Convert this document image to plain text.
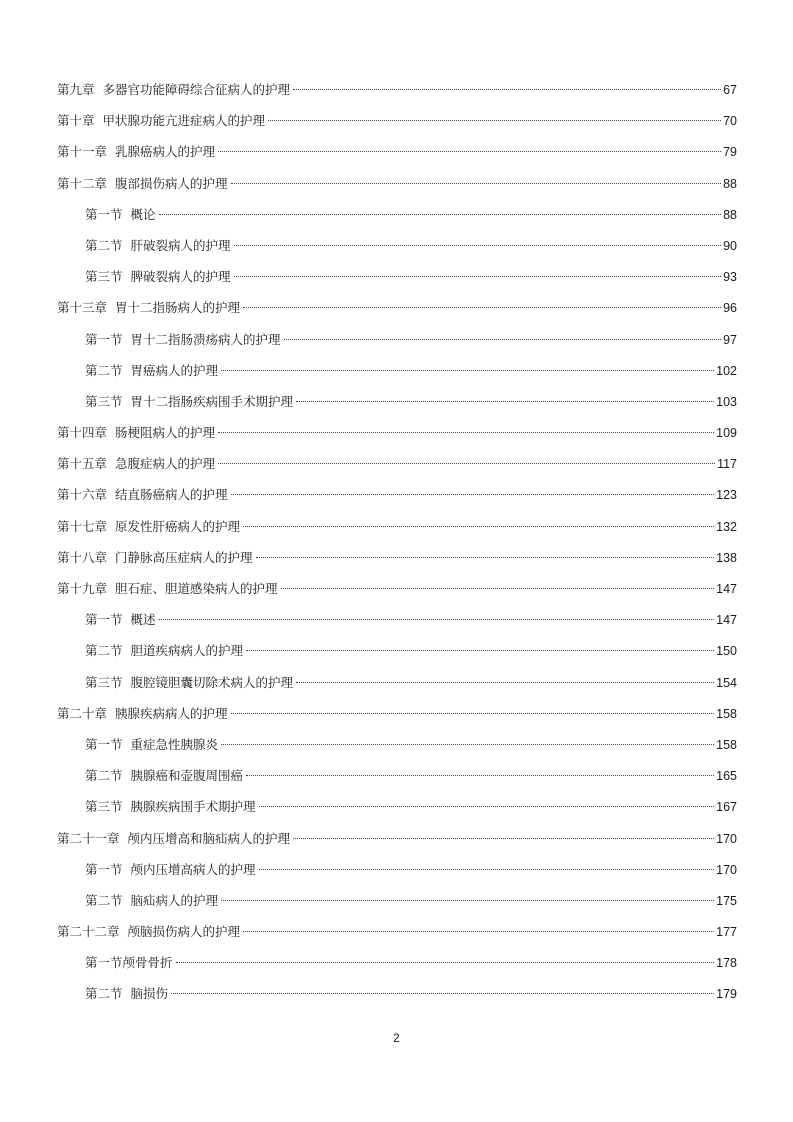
第九章 多器官功能障碍综合征病人的护理	67
第十章 甲状腺功能亢进症病人的护理	70
第十一章 乳腺癌病人的护理	79
第十二章 腹部损伤病人的护理	88
第一节 概论	88
第二节 肝破裂病人的护理	90
第三节 脾破裂病人的护理	93
第十三章 胃十二指肠病人的护理	96
第一节 胃十二指肠溃疡病人的护理	97
第二节 胃癌病人的护理	102
第三节 胃十二指肠疾病围手术期护理	103
第十四章 肠梗阻病人的护理	109
第十五章 急腹症病人的护理	117
第十六章 结直肠癌病人的护理	123
第十七章 原发性肝癌病人的护理	132
第十八章 门静脉高压症病人的护理	138
第十九章 胆石症、胆道感染病人的护理	147
第一节 概述	147
第二节 胆道疾病病人的护理	150
第三节 腹腔镜胆囊切除术病人的护理	154
第二十章 胰腺疾病病人的护理	158
第一节 重症急性胰腺炎	158
第二节 胰腺癌和壶腹周围癌	165
第三节 胰腺疾病围手术期护理	167
第二十一章 颅内压增高和脑疝病人的护理	170
第一节 颅内压增高病人的护理	170
第二节 脑疝病人的护理	175
第二十二章 颅脑损伤病人的护理	177
第一节颅骨骨折	178
第二节 脑损伤	179
2
